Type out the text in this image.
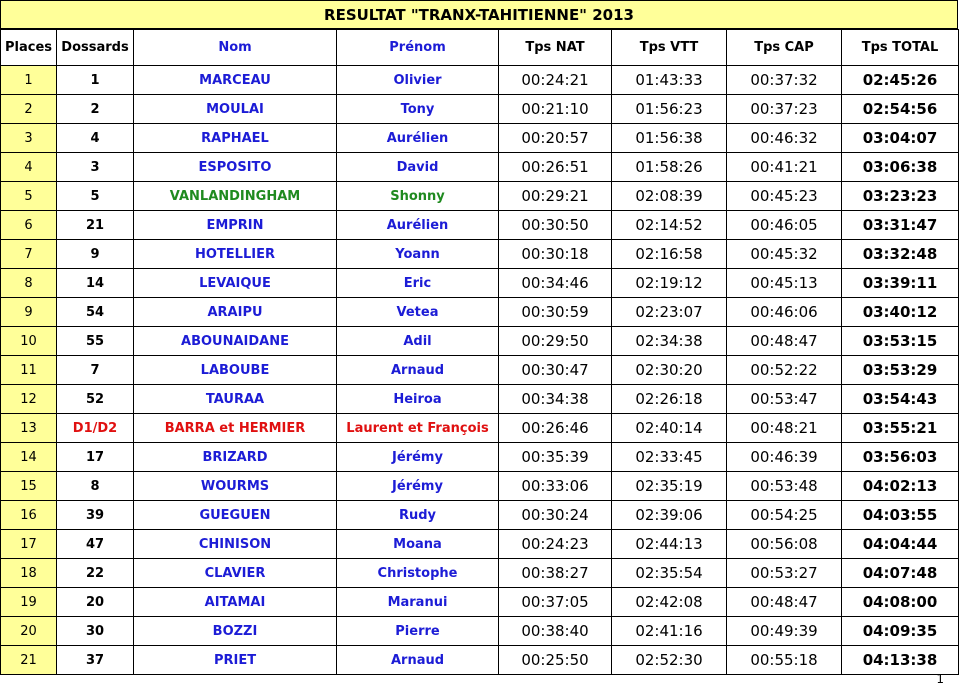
RESULTAT "TRANX-TAHITIENNE" 2013
Places	Dossards	Nom	Prénom	Tps NAT	Tps VTT	Tps CAP	Tps TOTAL
1	1	MARCEAU	Olivier	00:24:21	01:43:33	00:37:32	02:45:26
2	2	MOULAI	Tony	00:21:10	01:56:23	00:37:23	02:54:56
3	4	RAPHAEL	Aurélien	00:20:57	01:56:38	00:46:32	03:04:07
4	3	ESPOSITO	David	00:26:51	01:58:26	00:41:21	03:06:38
5	5	VANLANDINGHAM	Shonny	00:29:21	02:08:39	00:45:23	03:23:23
6	21	EMPRIN	Aurélien	00:30:50	02:14:52	00:46:05	03:31:47
7	9	HOTELLIER	Yoann	00:30:18	02:16:58	00:45:32	03:32:48
8	14	LEVAIQUE	Eric	00:34:46	02:19:12	00:45:13	03:39:11
9	54	ARAIPU	Vetea	00:30:59	02:23:07	00:46:06	03:40:12
10	55	ABOUNAIDANE	Adil	00:29:50	02:34:38	00:48:47	03:53:15
11	7	LABOUBE	Arnaud	00:30:47	02:30:20	00:52:22	03:53:29
12	52	TAURAA	Heiroa	00:34:38	02:26:18	00:53:47	03:54:43
13	D1/D2	BARRA et HERMIER	Laurent et François	00:26:46	02:40:14	00:48:21	03:55:21
14	17	BRIZARD	Jérémy	00:35:39	02:33:45	00:46:39	03:56:03
15	8	WOURMS	Jérémy	00:33:06	02:35:19	00:53:48	04:02:13
16	39	GUEGUEN	Rudy	00:30:24	02:39:06	00:54:25	04:03:55
17	47	CHINISON	Moana	00:24:23	02:44:13	00:56:08	04:04:44
18	22	CLAVIER	Christophe	00:38:27	02:35:54	00:53:27	04:07:48
19	20	AITAMAI	Maranui	00:37:05	02:42:08	00:48:47	04:08:00
20	30	BOZZI	Pierre	00:38:40	02:41:16	00:49:39	04:09:35
21	37	PRIET	Arnaud	00:25:50	02:52:30	00:55:18	04:13:38
1
